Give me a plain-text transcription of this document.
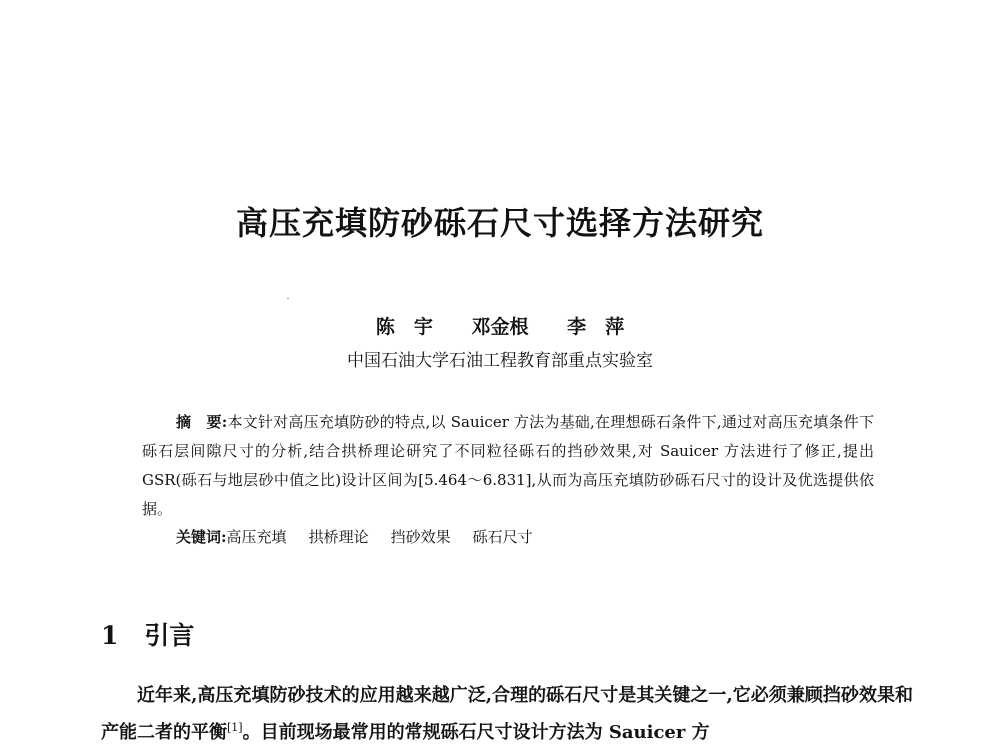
高压充填防砂砾石尺寸选择方法研究
陈　宇 邓金根 李　萍
中国石油大学石油工程教育部重点实验室
摘　要:本文针对高压充填防砂的特点,以 Sauicer 方法为基础,在理想砾石条件下,通过对高压充填条件下砾石层间隙尺寸的分析,结合拱桥理论研究了不同粒径砾石的挡砂效果,对 Sauicer 方法进行了修正,提出 GSR(砾石与地层砂中值之比)设计区间为[5.464～6.831],从而为高压充填防砂砾石尺寸的设计及优选提供依据。
关键词:高压充填 拱桥理论 挡砂效果 砾石尺寸
1 引言
近年来,高压充填防砂技术的应用越来越广泛,合理的砾石尺寸是其关键之一,它必须兼顾挡砂效果和产能二者的平衡[1]。目前现场最常用的常规砾石尺寸设计方法为 Sauicer 方
